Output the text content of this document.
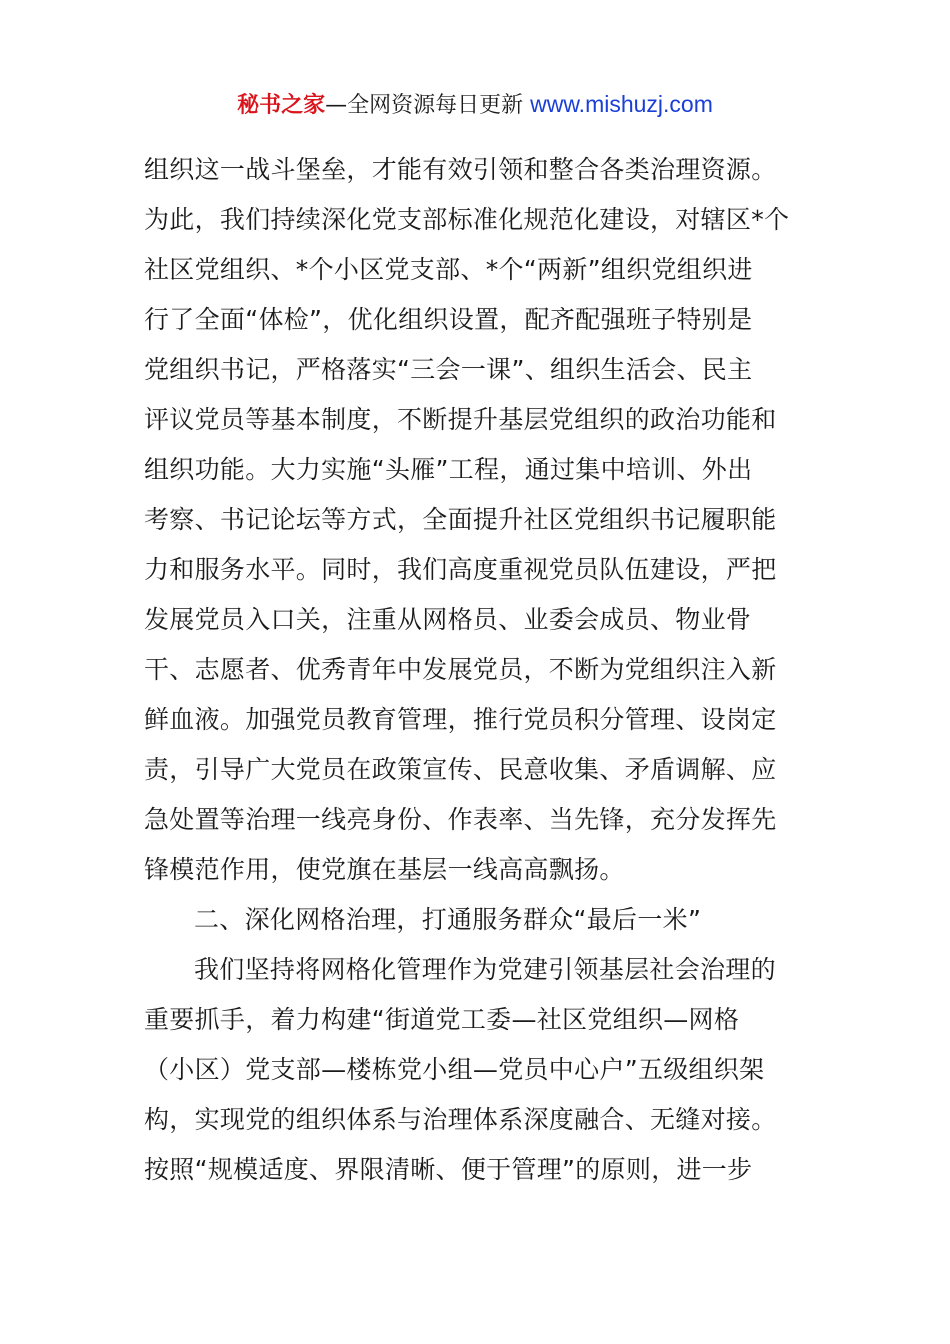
秘书之家—全网资源每日更新 www.mishuzj.com
组织这一战斗堡垒，才能有效引领和整合各类治理资源。
为此，我们持续深化党支部标准化规范化建设，对辖区*个
社区党组织、*个小区党支部、*个“两新”组织党组织进
行了全面“体检”，优化组织设置，配齐配强班子特别是
党组织书记，严格落实“三会一课”、组织生活会、民主
评议党员等基本制度，不断提升基层党组织的政治功能和
组织功能。大力实施“头雁”工程，通过集中培训、外出
考察、书记论坛等方式，全面提升社区党组织书记履职能
力和服务水平。同时，我们高度重视党员队伍建设，严把
发展党员入口关，注重从网格员、业委会成员、物业骨
干、志愿者、优秀青年中发展党员，不断为党组织注入新
鲜血液。加强党员教育管理，推行党员积分管理、设岗定
责，引导广大党员在政策宣传、民意收集、矛盾调解、应
急处置等治理一线亮身份、作表率、当先锋，充分发挥先
锋模范作用，使党旗在基层一线高高飘扬。
二、深化网格治理，打通服务群众“最后一米”
我们坚持将网格化管理作为党建引领基层社会治理的
重要抓手，着力构建“街道党工委—社区党组织—网格
（小区）党支部—楼栋党小组—党员中心户”五级组织架
构，实现党的组织体系与治理体系深度融合、无缝对接。
按照“规模适度、界限清晰、便于管理”的原则，进一步
